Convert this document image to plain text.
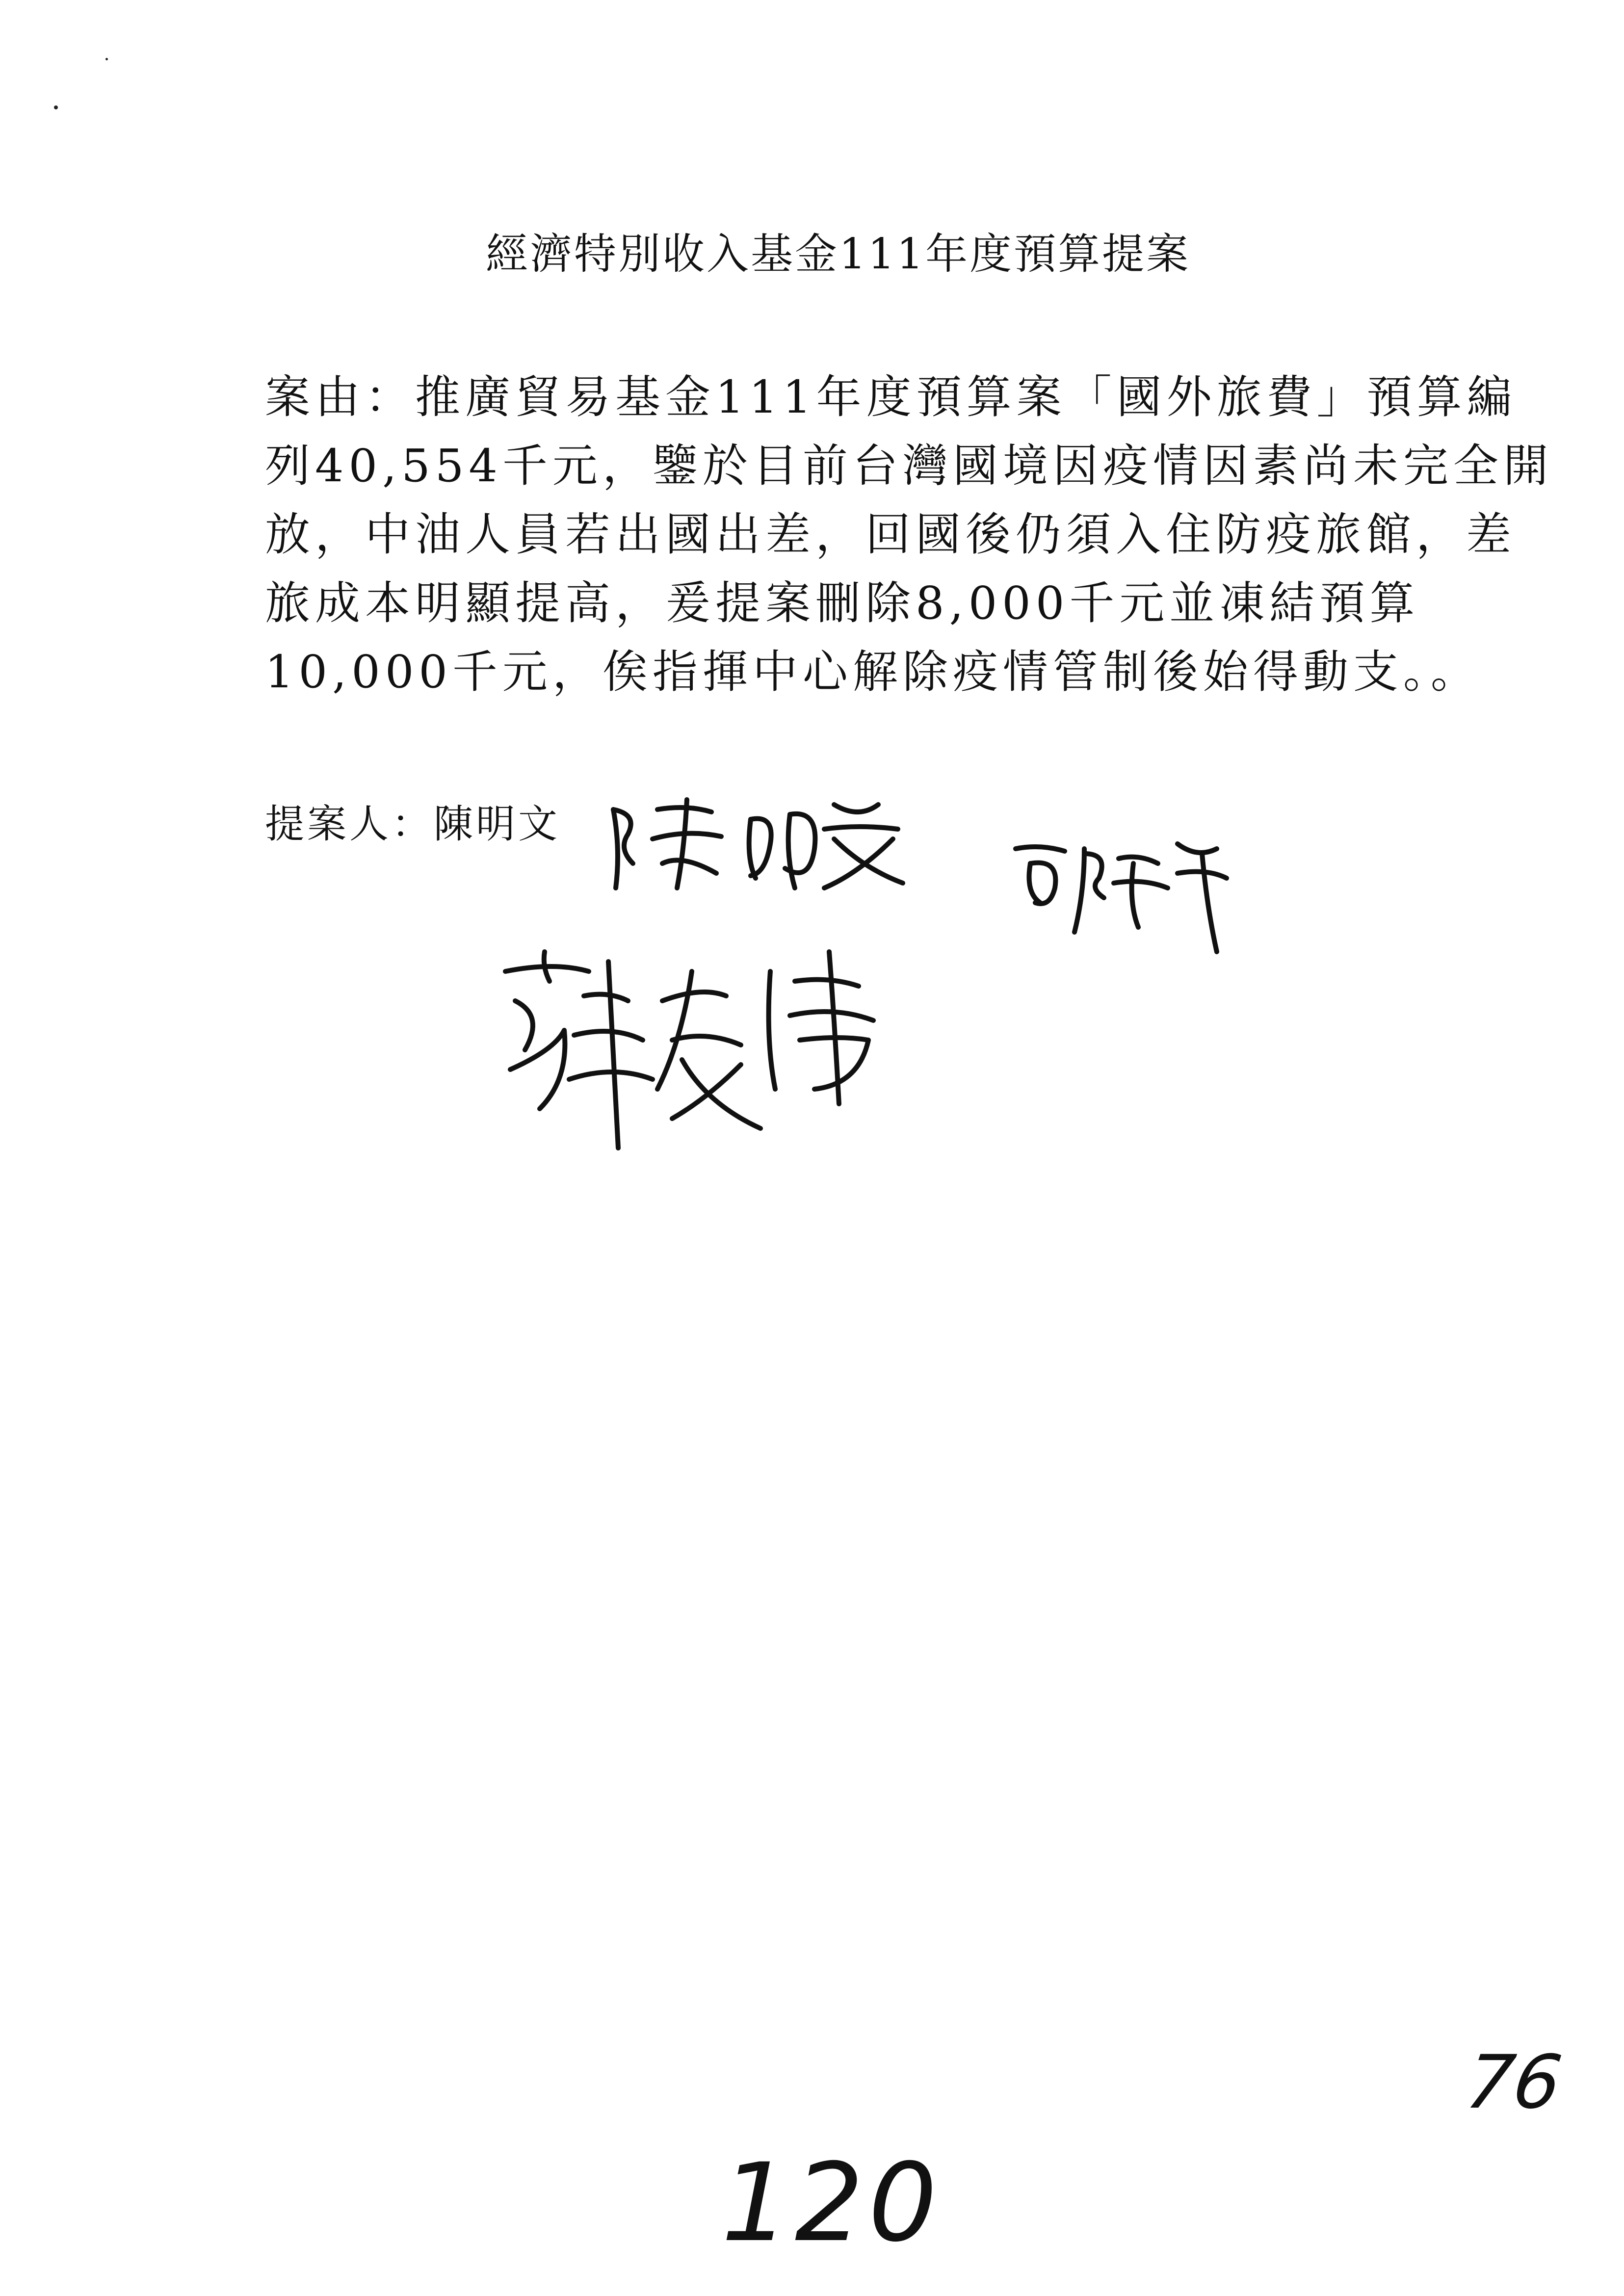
經濟特別收入基金111年度預算提案
案由：推廣貿易基金111年度預算案「國外旅費」預算編
列40,554千元，鑒於目前台灣國境因疫情因素尚未完全開
放，中油人員若出國出差，回國後仍須入住防疫旅館，差
旅成本明顯提高，爰提案刪除8,000千元並凍結預算
10,000千元，俟指揮中心解除疫情管制後始得動支。。
提案人：陳明文
120
76
